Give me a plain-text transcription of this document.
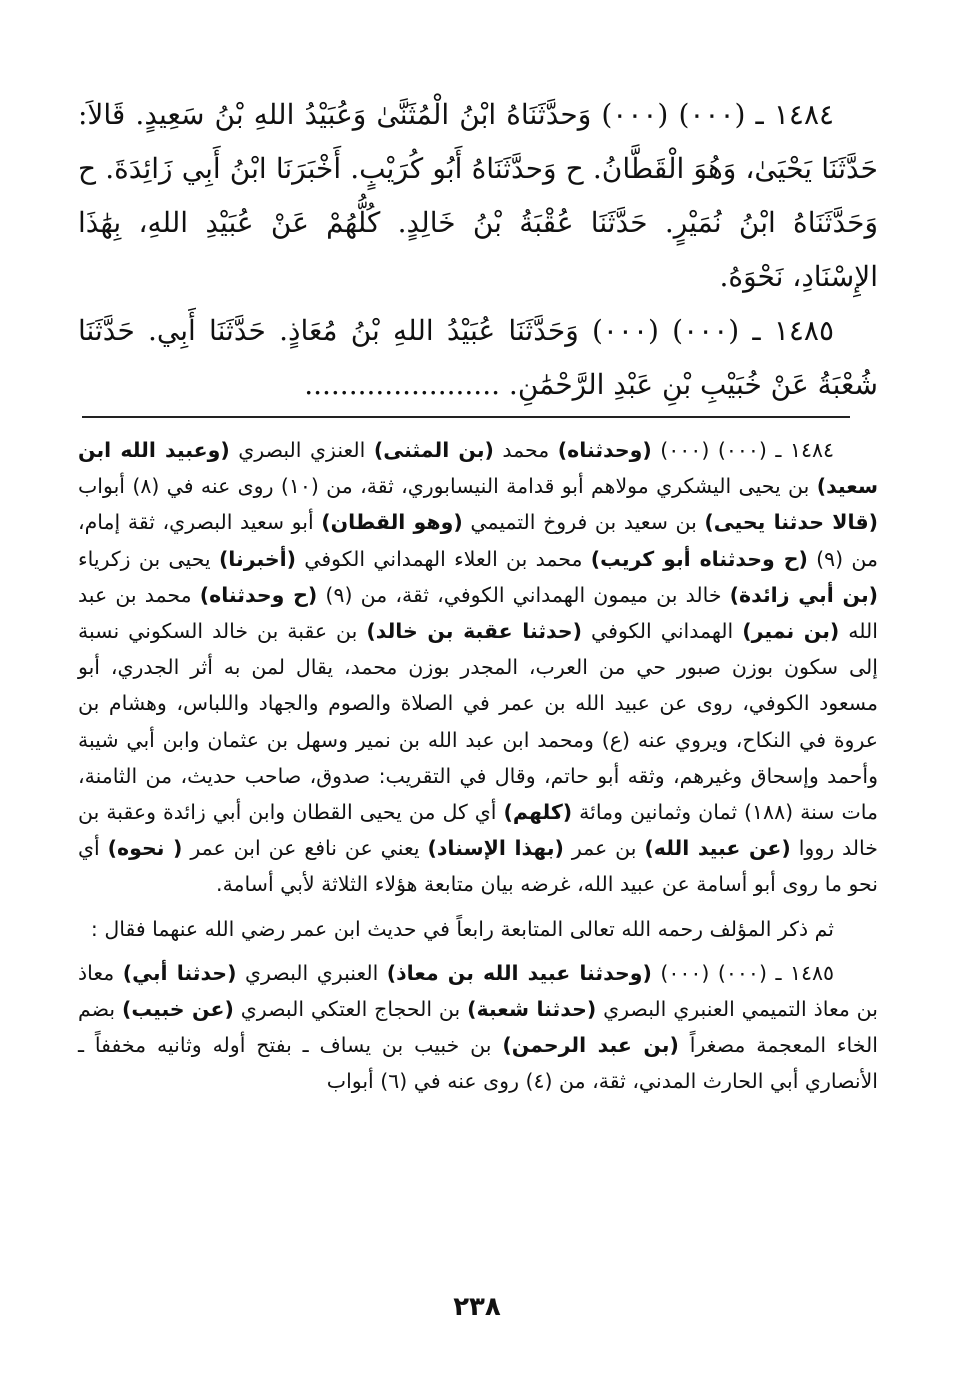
١٤٨٤ ـ (٠٠٠) (٠٠٠) وَحدَّثَنَاهُ ابْنُ الْمُثَنَّىٰ وَعُبَيْدُ اللهِ بْنُ سَعِيدٍ. قَالاَ: حَدَّثَنَا يَحْيَىٰ، وَهُوَ الْقَطَّانُ. ح وَحدَّثَنَاهُ أَبُو كُرَيْبٍ. أَخْبَرَنَا ابْنُ أَبِي زَائِدَةَ. ح وَحَدَّثَنَاهُ ابْنُ نُمَيْرٍ. حَدَّثَنَا عُقْبَةُ بْنُ خَالِدٍ. كُلُّهُمْ عَنْ عُبَيْدِ اللهِ، بِهَٰذَا الإِسْنَادِ، نَحْوَهُ.

١٤٨٥ ـ (٠٠٠) (٠٠٠) وَحَدَّثَنَا عُبَيْدُ اللهِ بْنُ مُعَاذٍ. حَدَّثَنَا أَبِي. حَدَّثَنَا شُعْبَةُ عَنْ خُبَيْبِ بْنِ عَبْدِ الرَّحْمَٰنِ. ......................

١٤٨٤ ـ (٠٠٠) (٠٠٠) (وحدثناه) محمد (بن المثنى) العنزي البصري (وعبيد الله ابن سعيد) بن يحيى اليشكري مولاهم أبو قدامة النيسابوري، ثقة، من (١٠) روى عنه في (٨) أبواب (قالا حدثنا يحيى) بن سعيد بن فروخ التميمي (وهو القطان) أبو سعيد البصري، ثقة إمام، من (٩) (ح وحدثناه أبو كريب) محمد بن العلاء الهمداني الكوفي (أخبرنا) يحيى بن زكرياء (بن أبي زائدة) خالد بن ميمون الهمداني الكوفي، ثقة، من (٩) (ح وحدثناه) محمد بن عبد الله (بن نمير) الهمداني الكوفي (حدثنا عقبة بن خالد) بن عقبة بن خالد السكوني نسبة إلى سكون بوزن صبور حي من العرب، المجدر بوزن محمد، يقال لمن به أثر الجدري، أبو مسعود الكوفي، روى عن عبيد الله بن عمر في الصلاة والصوم والجهاد واللباس، وهشام بن عروة في النكاح، ويروي عنه (ع) ومحمد ابن عبد الله بن نمير وسهل بن عثمان وابن أبي شيبة وأحمد وإسحاق وغيرهم، وثقه أبو حاتم، وقال في التقريب: صدوق، صاحب حديث، من الثامنة، مات سنة (١٨٨) ثمان وثمانين ومائة (كلهم) أي كل من يحيى القطان وابن أبي زائدة وعقبة بن خالد رووا (عن عبيد الله) بن عمر (بهذا الإسناد) يعني عن نافع عن ابن عمر ( نحوه) أي نحو ما روى أبو أسامة عن عبيد الله، غرضه بيان متابعة هؤلاء الثلاثة لأبي أسامة.

ثم ذكر المؤلف رحمه الله تعالى المتابعة رابعاً في حديث ابن عمر رضي الله عنهما فقال :

١٤٨٥ ـ (٠٠٠) (٠٠٠) (وحدثنا عبيد الله بن معاذ) العنبري البصري (حدثنا أبي) معاذ بن معاذ التميمي العنبري البصري (حدثنا شعبة) بن الحجاج العتكي البصري (عن خبيب) بضم الخاء المعجمة مصغراً (بن عبد الرحمن) بن خبيب بن يساف ـ بفتح أوله وثانيه مخففاً ـ الأنصاري أبي الحارث المدني، ثقة، من (٤) روى عنه في (٦) أبواب

٢٣٨
